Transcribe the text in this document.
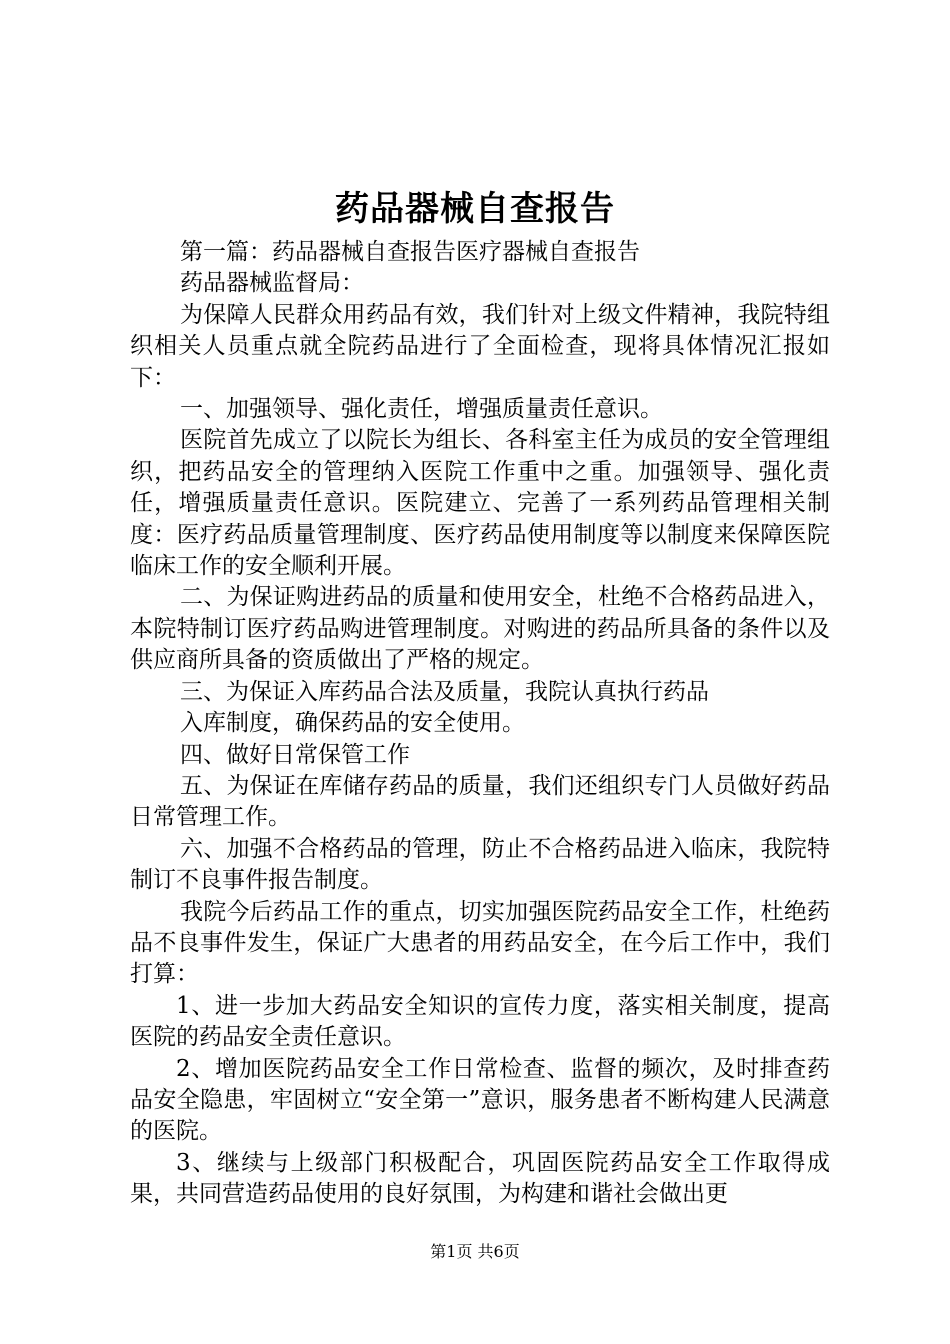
药品器械自查报告

第一篇：药品器械自查报告医疗器械自查报告

药品器械监督局：

为保障人民群众用药品有效，我们针对上级文件精神，我院特组织相关人员重点就全院药品进行了全面检查，现将具体情况汇报如下：

一、加强领导、强化责任，增强质量责任意识。

医院首先成立了以院长为组长、各科室主任为成员的安全管理组织，把药品安全的管理纳入医院工作重中之重。加强领导、强化责任，增强质量责任意识。医院建立、完善了一系列药品管理相关制度：医疗药品质量管理制度、医疗药品使用制度等以制度来保障医院临床工作的安全顺利开展。

二、为保证购进药品的质量和使用安全，杜绝不合格药品进入，本院特制订医疗药品购进管理制度。对购进的药品所具备的条件以及供应商所具备的资质做出了严格的规定。

三、为保证入库药品合法及质量，我院认真执行药品

入库制度，确保药品的安全使用。

四、做好日常保管工作

五、为保证在库储存药品的质量，我们还组织专门人员做好药品日常管理工作。

六、加强不合格药品的管理，防止不合格药品进入临床，我院特制订不良事件报告制度。

我院今后药品工作的重点，切实加强医院药品安全工作，杜绝药品不良事件发生，保证广大患者的用药品安全，在今后工作中，我们打算：

1、进一步加大药品安全知识的宣传力度，落实相关制度，提高医院的药品安全责任意识。

2、增加医院药品安全工作日常检查、监督的频次，及时排查药品安全隐患，牢固树立“安全第一”意识，服务患者不断构建人民满意的医院。

3、继续与上级部门积极配合，巩固医院药品安全工作取得成果，共同营造药品使用的良好氛围，为构建和谐社会做出更

第1页 共6页
